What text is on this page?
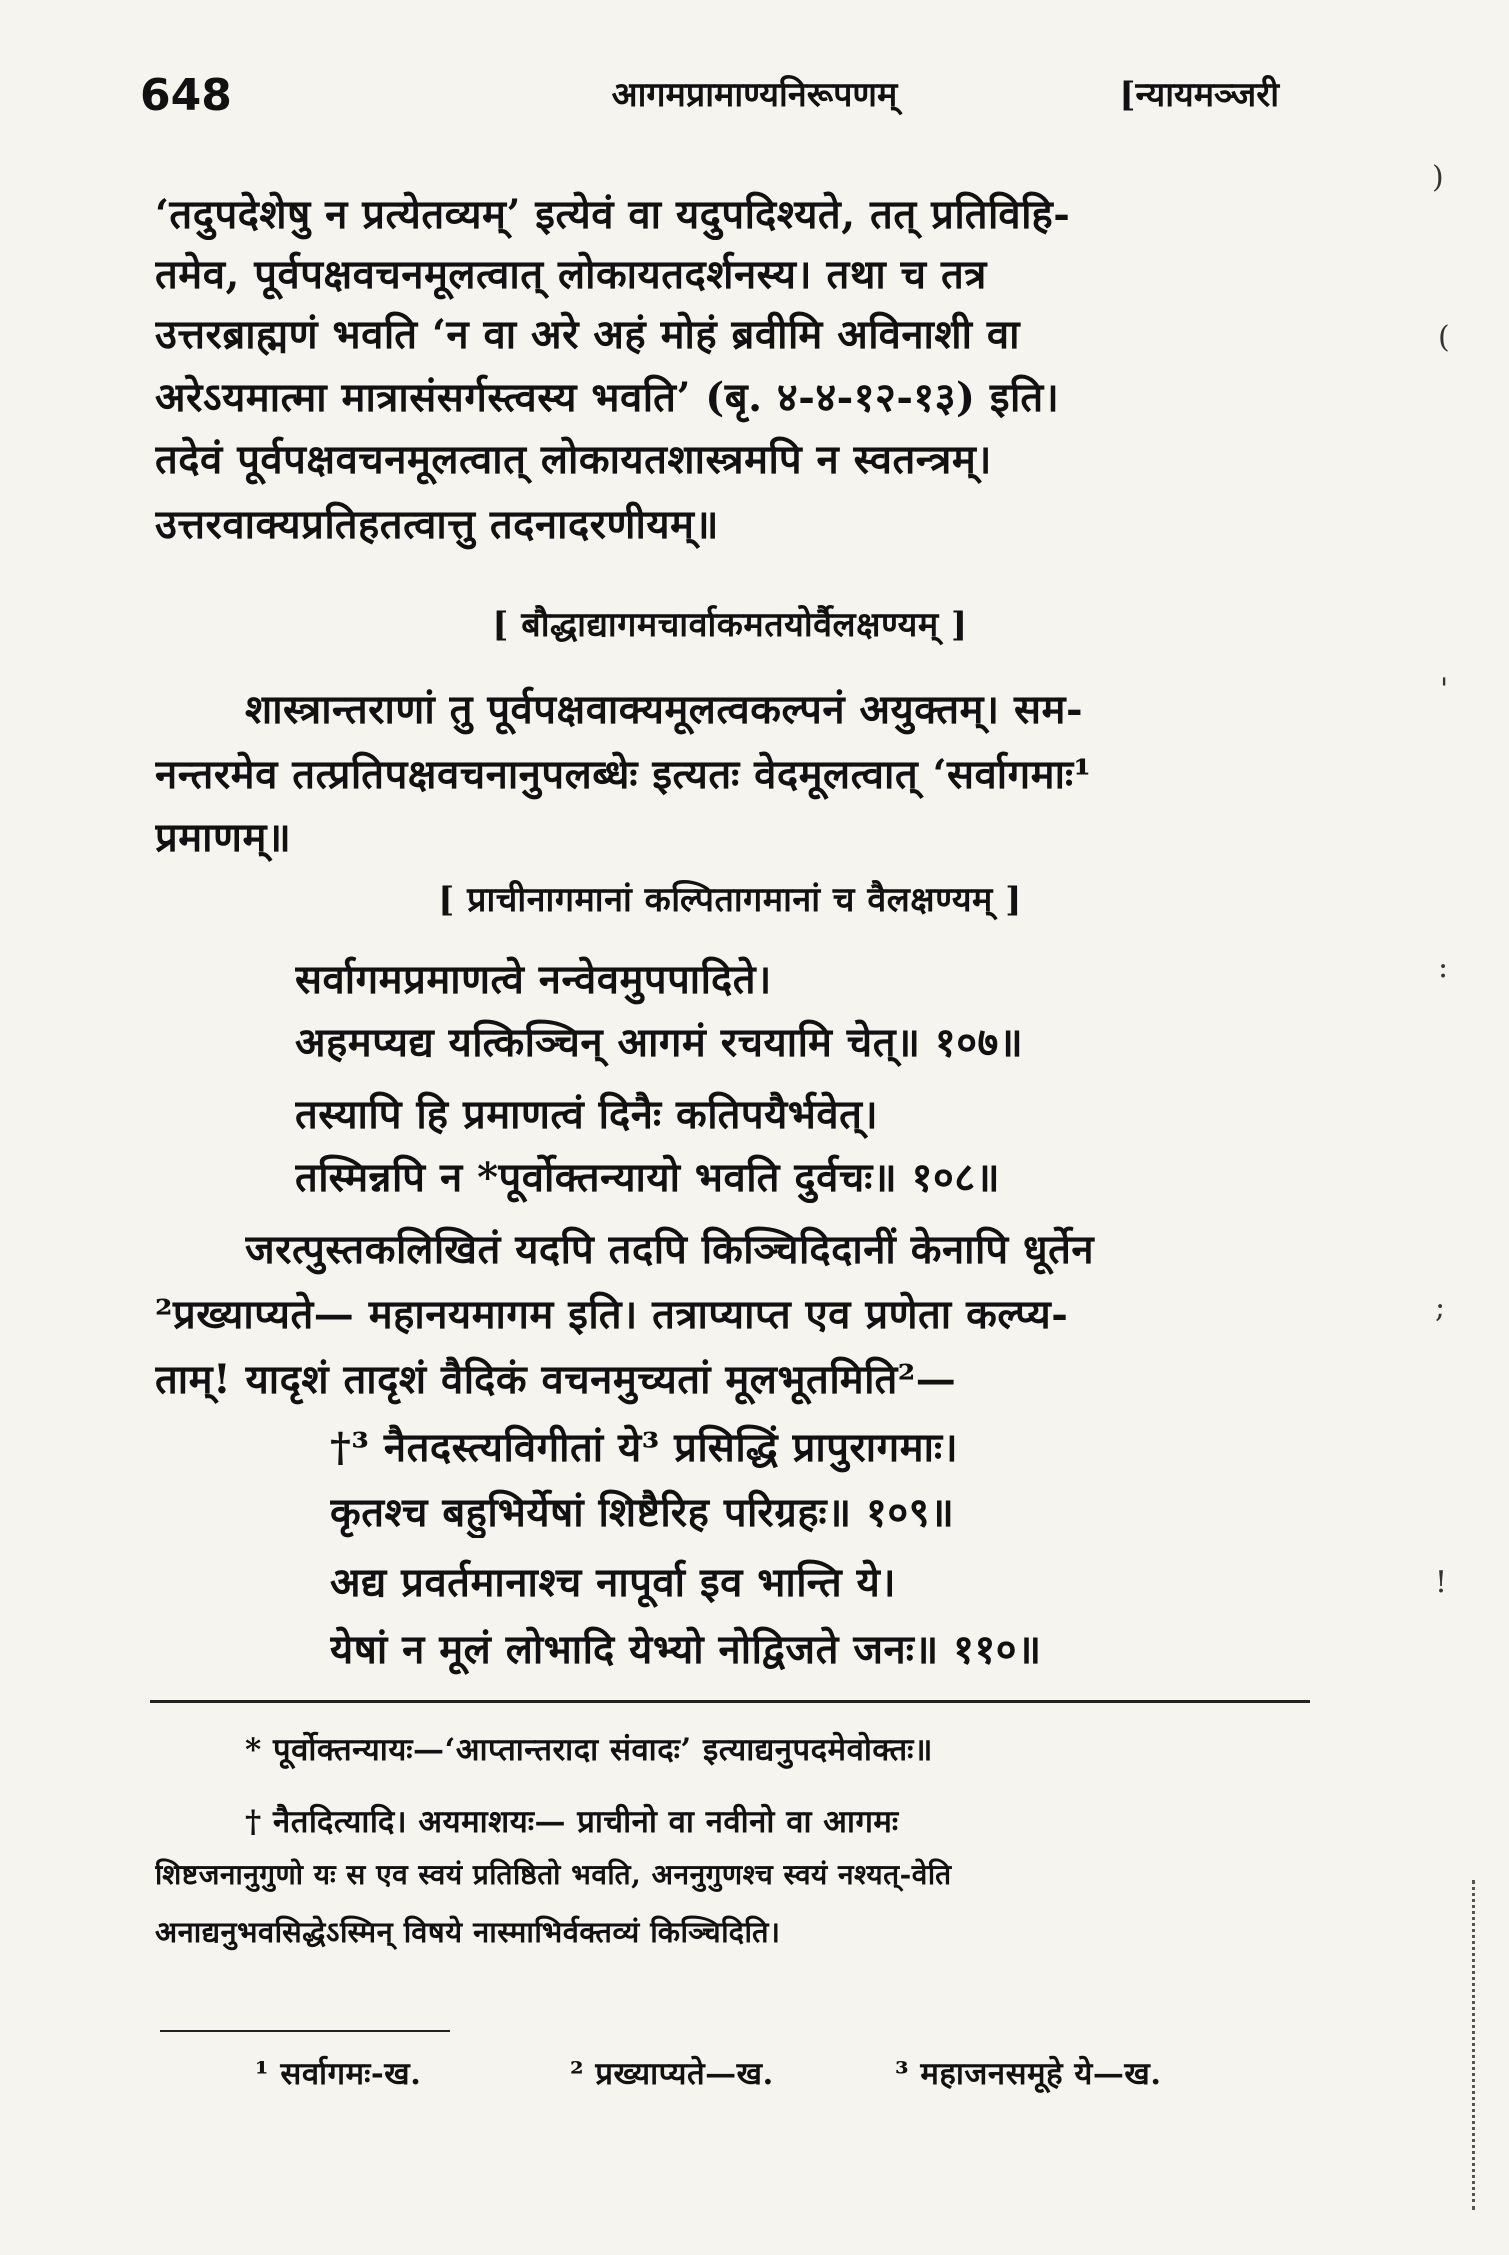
648	आगमप्रामाण्यनिरूपणम्	[न्यायमञ्जरी
‘तदुपदेशेषु न प्रत्येतव्यम्’ इत्येवं वा यदुपदिश्यते, तत् प्रतिविहि-
तमेव, पूर्वपक्षवचनमूलत्वात् लोकायतदर्शनस्य। तथा च तत्र
उत्तरब्राह्मणं भवति ‘न वा अरे अहं मोहं ब्रवीमि अविनाशी वा
अरेऽयमात्मा मात्रासंसर्गस्त्वस्य भवति’ (बृ. ४-४-१२-१३) इति।
तदेवं पूर्वपक्षवचनमूलत्वात् लोकायतशास्त्रमपि न स्वतन्त्रम्।
उत्तरवाक्यप्रतिहतत्वात्तु तदनादरणीयम्॥
[ बौद्धाद्यागमचार्वाकमतयोर्वैलक्षण्यम् ]
शास्त्रान्तराणां तु पूर्वपक्षवाक्यमूलत्वकल्पनं अयुक्तम्। सम-
नन्तरमेव तत्प्रतिपक्षवचनानुपलब्धेः इत्यतः वेदमूलत्वात् ‘सर्वागमाः¹
प्रमाणम्॥
[ प्राचीनागमानां कल्पितागमानां च वैलक्षण्यम् ]
सर्वागमप्रमाणत्वे नन्वेवमुपपादिते।
अहमप्यद्य यत्किञ्चिन् आगमं रचयामि चेत्॥ १०७॥
तस्यापि हि प्रमाणत्वं दिनैः कतिपयैर्भवेत्।
तस्मिन्नपि न *पूर्वोक्तन्यायो भवति दुर्वचः॥ १०८॥
जरत्पुस्तकलिखितं यदपि तदपि किञ्चिदिदानीं केनापि धूर्तेन
²प्रख्याप्यते— महानयमागम इति। तत्राप्याप्त एव प्रणेता कल्प्य-
ताम्! यादृशं तादृशं वैदिकं वचनमुच्यतां मूलभूतमिति²—
†³ नैतदस्त्यविगीतां ये³ प्रसिद्धिं प्रापुरागमाः।
कृतश्च बहुभिर्येषां शिष्टैरिह परिग्रहः॥ १०९॥
अद्य प्रवर्तमानाश्च नापूर्वा इव भान्ति ये।
येषां न मूलं लोभादि येभ्यो नोद्विजते जनः॥ ११०॥
* पूर्वोक्तन्यायः—‘आप्तान्तरादा संवादः’ इत्याद्यनुपदमेवोक्तः॥
† नैतदित्यादि। अयमाशयः— प्राचीनो वा नवीनो वा आगमः
शिष्टजनानुगुणो यः स एव स्वयं प्रतिष्ठितो भवति, अननुगुणश्च स्वयं नश्यत्-वेति
अनाद्यनुभवसिद्धेऽस्मिन् विषये नास्माभिर्वक्तव्यं किञ्चिदिति।
¹ सर्वागमः-ख.	² प्रख्याप्यते—ख.	³ महाजनसमूहे ये—ख.
)
(
'
:
;
!
